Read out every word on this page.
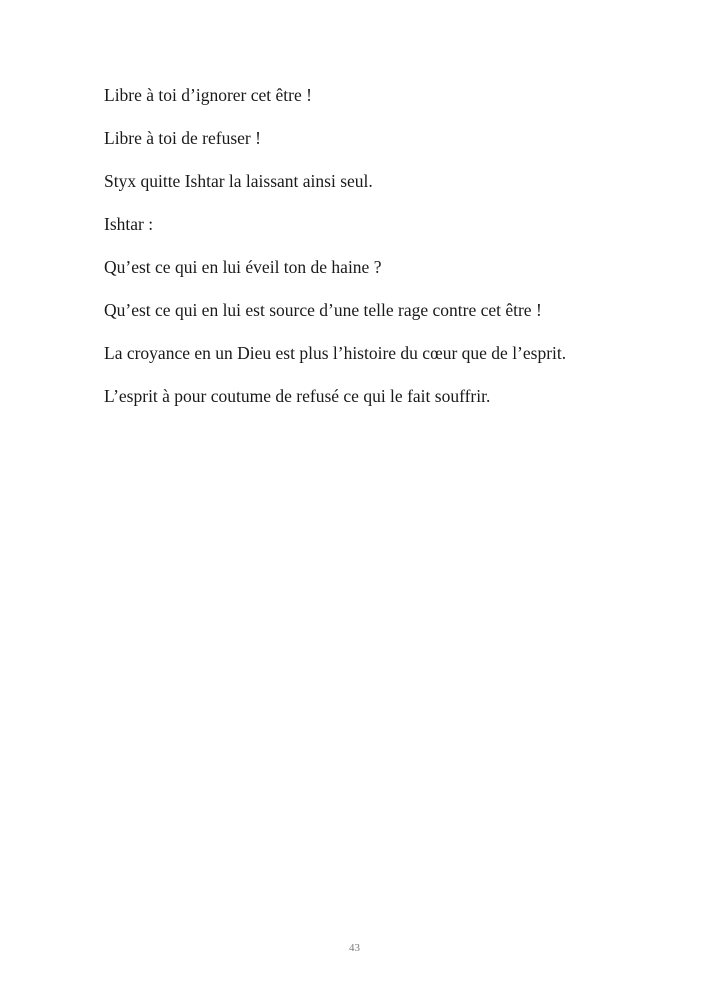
Libre à toi d’ignorer cet être !

Libre à toi de refuser !

Styx quitte Ishtar la laissant ainsi seul.

Ishtar :

Qu’est ce qui en lui éveil ton de haine ?

Qu’est ce qui en lui est source d’une telle rage contre cet être !

La croyance en un Dieu est plus l’histoire du cœur que de l’esprit.

L’esprit à pour coutume de refusé ce qui le fait souffrir.

43
